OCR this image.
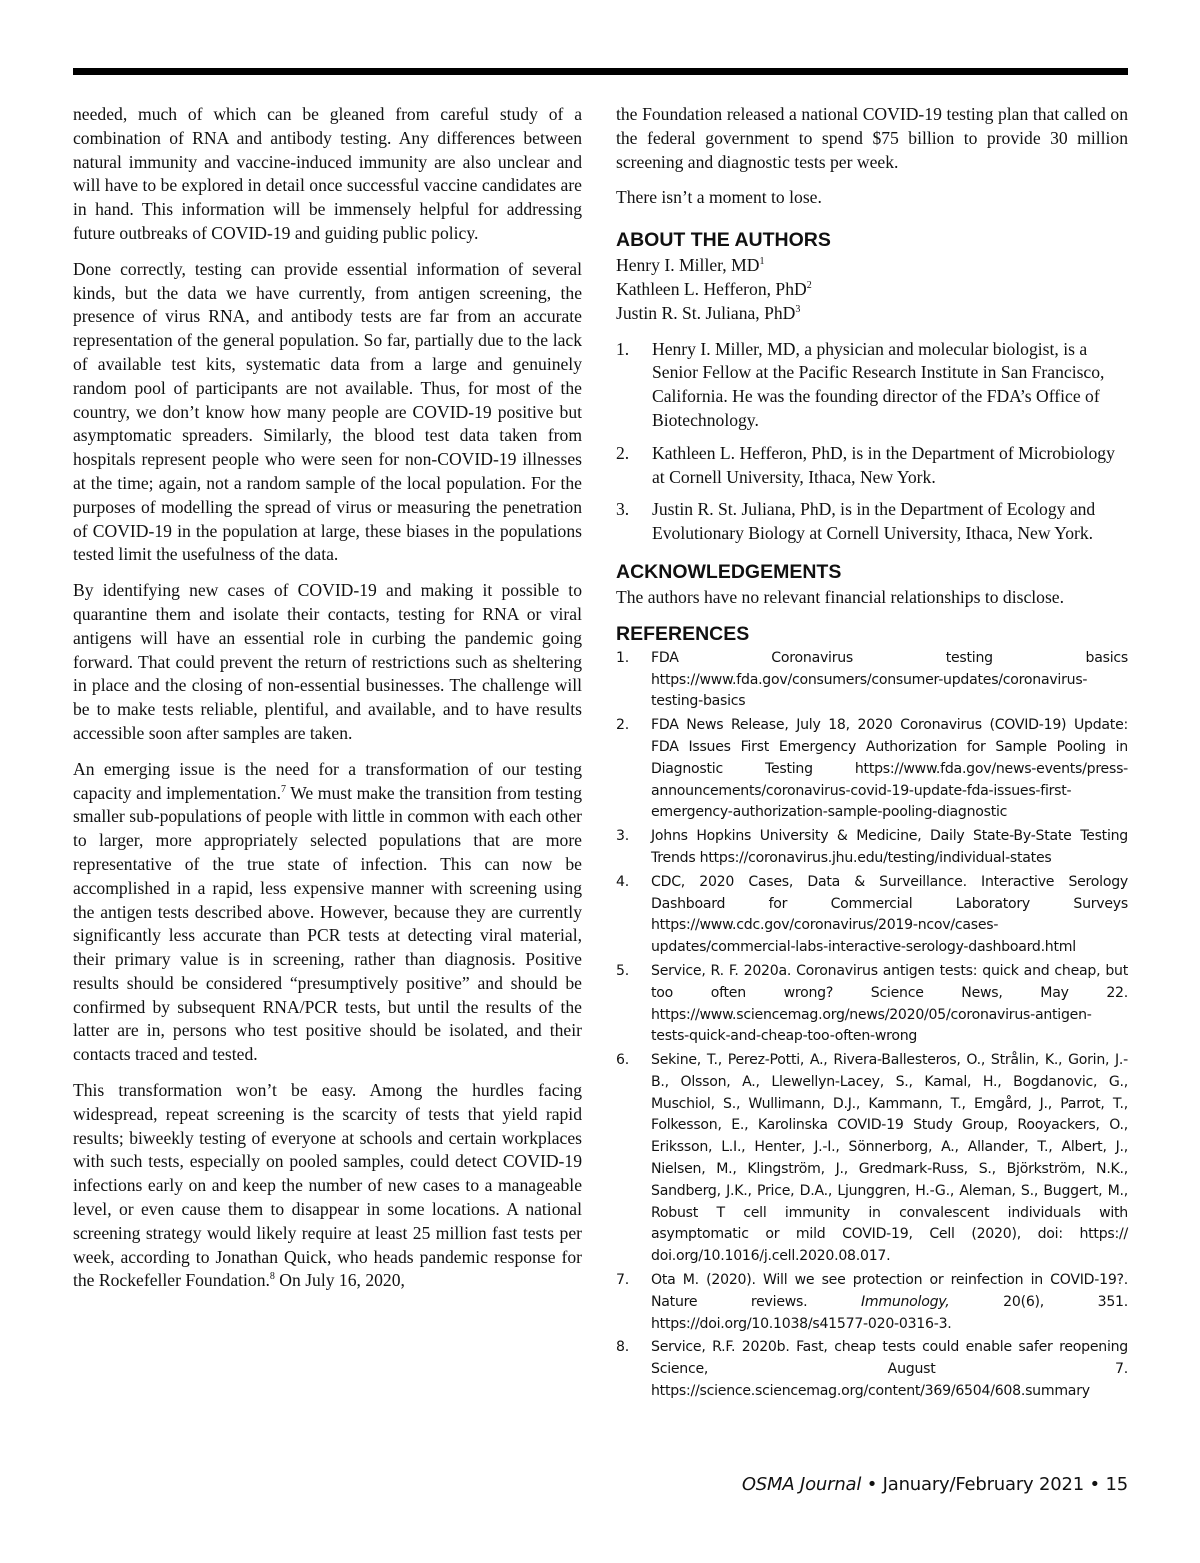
needed, much of which can be gleaned from careful study of a combination of RNA and antibody testing. Any differences between natural immunity and vaccine-induced immunity are also unclear and will have to be explored in detail once successful vaccine candidates are in hand. This information will be immensely helpful for addressing future outbreaks of COVID-19 and guiding public policy.

Done correctly, testing can provide essential information of several kinds, but the data we have currently, from antigen screening, the presence of virus RNA, and antibody tests are far from an accurate representation of the general population. So far, partially due to the lack of available test kits, systematic data from a large and genuinely random pool of participants are not available. Thus, for most of the country, we don’t know how many people are COVID-19 positive but asymptomatic spreaders. Similarly, the blood test data taken from hospitals represent people who were seen for non-COVID-19 illnesses at the time; again, not a random sample of the local population. For the purposes of modelling the spread of virus or measuring the penetration of COVID-19 in the population at large, these biases in the populations tested limit the usefulness of the data.

By identifying new cases of COVID-19 and making it possible to quarantine them and isolate their contacts, testing for RNA or viral antigens will have an essential role in curbing the pandemic going forward. That could prevent the return of restrictions such as sheltering in place and the closing of non-essential businesses. The challenge will be to make tests reliable, plentiful, and available, and to have results accessible soon after samples are taken.

An emerging issue is the need for a transformation of our testing capacity and implementation.$^7$ We must make the transition from testing smaller sub-populations of people with little in common with each other to larger, more appropriately selected populations that are more representative of the true state of infection. This can now be accomplished in a rapid, less expensive manner with screening using the antigen tests described above. However, because they are currently significantly less accurate than PCR tests at detecting viral material, their primary value is in screening, rather than diagnosis. Positive results should be considered “presumptively positive” and should be confirmed by subsequent RNA/PCR tests, but until the results of the latter are in, persons who test positive should be isolated, and their contacts traced and tested.

This transformation won’t be easy. Among the hurdles facing widespread, repeat screening is the scarcity of tests that yield rapid results; biweekly testing of everyone at schools and certain workplaces with such tests, especially on pooled samples, could detect COVID-19 infections early on and keep the number of new cases to a manageable level, or even cause them to disappear in some locations. A national screening strategy would likely require at least 25 million fast tests per week, according to Jonathan Quick, who heads pandemic response for the Rockefeller Foundation.$^8$ On July 16, 2020,

the Foundation released a national COVID-19 testing plan that called on the federal government to spend $75 billion to provide 30 million screening and diagnostic tests per week.

There isn’t a moment to lose.

ABOUT THE AUTHORS
Henry I. Miller, $MD^1$
Kathleen L. Hefferon, PhD$^2$
Justin R. St. Juliana, PhD$^3$
1. Henry I. Miller, MD, a physician and molecular biologist, is a Senior Fellow at the Pacific Research Institute in San Francisco, California. He was the founding director of the FDA’s Office of Biotechnology.
2. Kathleen L. Hefferon, PhD, is in the Department of Microbiology at Cornell University, Ithaca, New York.
3. Justin R. St. Juliana, PhD, is in the Department of Ecology and Evolutionary Biology at Cornell University, Ithaca, New York.
ACKNOWLEDGEMENTS

The authors have no relevant financial relationships to disclose.

REFERENCES
1. FDA Coronavirus testing basics https://www.fda.gov/consumers/consumer-updates/coronavirus-testing-basics
2. FDA News Release, July 18, 2020 Coronavirus (COVID-19) Update: FDA Issues First Emergency Authorization for Sample Pooling in Diagnostic Testing https://www.fda.gov/news-events/press-announcements/coronavirus-covid-19-update-fda-issues-first-emergency-authorization-sample-pooling-diagnostic
3. Johns Hopkins University & Medicine, Daily State-By-State Testing Trends https://coronavirus.jhu.edu/testing/individual-states
4. CDC, 2020 Cases, Data & Surveillance. Interactive Serology Dashboard for Commercial Laboratory Surveys https://www.cdc.gov/coronavirus/2019-ncov/cases-updates/commercial-labs-interactive-serology-dashboard.html
5. Service, R. F. 2020a. Coronavirus antigen tests: quick and cheap, but too often wrong? Science News, May 22. https://www.sciencemag.org/news/2020/05/coronavirus-antigen-tests-quick-and-cheap-too-often-wrong
6. Sekine, T., Perez-Potti, A., Rivera-Ballesteros, O., Strålin, K., Gorin, J.-B., Olsson, A., Llewellyn-Lacey, S., Kamal, H., Bogdanovic, G., Muschiol, S., Wullimann, D.J., Kammann, T., Emgård, J., Parrot, T., Folkesson, E., Karolinska COVID-19 Study Group, Rooyackers, O., Eriksson, L.I., Henter, J.-I., Sönnerborg, A., Allander, T., Albert, J., Nielsen, M., Klingström, J., Gredmark-Russ, S., Björkström, N.K., Sandberg, J.K., Price, D.A., Ljunggren, H.-G., Aleman, S., Buggert, M., Robust T cell immunity in convalescent individuals with asymptomatic or mild COVID-19, Cell (2020), doi: https:// doi.org/10.1016/j.cell.2020.08.017.
7. Ota M. (2020). Will we see protection or reinfection in COVID-19?. Nature reviews. Immunology, 20(6), 351. https://doi.org/10.1038/s41577-020-0316-3.
8. Service, R.F. 2020b. Fast, cheap tests could enable safer reopening Science, August 7. https://science.sciencemag.org/content/369/6504/608.summary
OSMA Journal • January/February 2021 • 15
